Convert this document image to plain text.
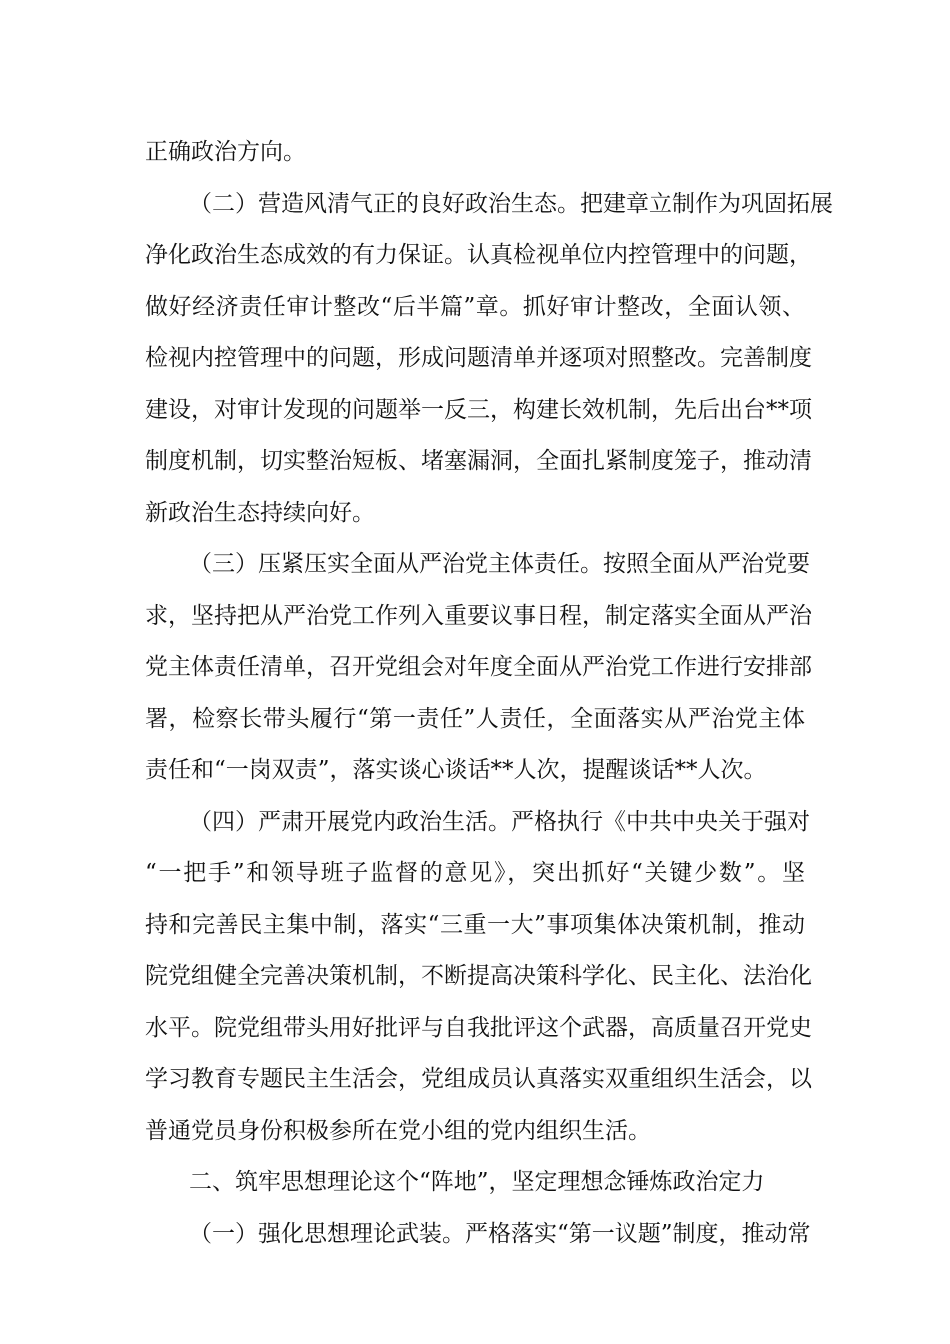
正确政治方向。
（二）营造风清气正的良好政治生态。把建章立制作为巩固拓展
净化政治生态成效的有力保证。认真检视单位内控管理中的问题，
做好经济责任审计整改“后半篇”章。抓好审计整改，全面认领、
检视内控管理中的问题，形成问题清单并逐项对照整改。完善制度
建设，对审计发现的问题举一反三，构建长效机制，先后出台**项
制度机制，切实整治短板、堵塞漏洞，全面扎紧制度笼子，推动清
新政治生态持续向好。
（三）压紧压实全面从严治党主体责任。按照全面从严治党要
求，坚持把从严治党工作列入重要议事日程，制定落实全面从严治
党主体责任清单，召开党组会对年度全面从严治党工作进行安排部
署，检察长带头履行“第一责任”人责任，全面落实从严治党主体
责任和“一岗双责”，落实谈心谈话**人次，提醒谈话**人次。
（四）严肃开展党内政治生活。严格执行《中共中央关于强对
“一把手”和领导班子监督的意见》，突出抓好“关键少数”。坚
持和完善民主集中制，落实“三重一大”事项集体决策机制，推动
院党组健全完善决策机制，不断提高决策科学化、民主化、法治化
水平。院党组带头用好批评与自我批评这个武器，高质量召开党史
学习教育专题民主生活会，党组成员认真落实双重组织生活会，以
普通党员身份积极参所在党小组的党内组织生活。
二、筑牢思想理论这个“阵地”，坚定理想念锤炼政治定力
（一）强化思想理论武装。严格落实“第一议题”制度，推动常
